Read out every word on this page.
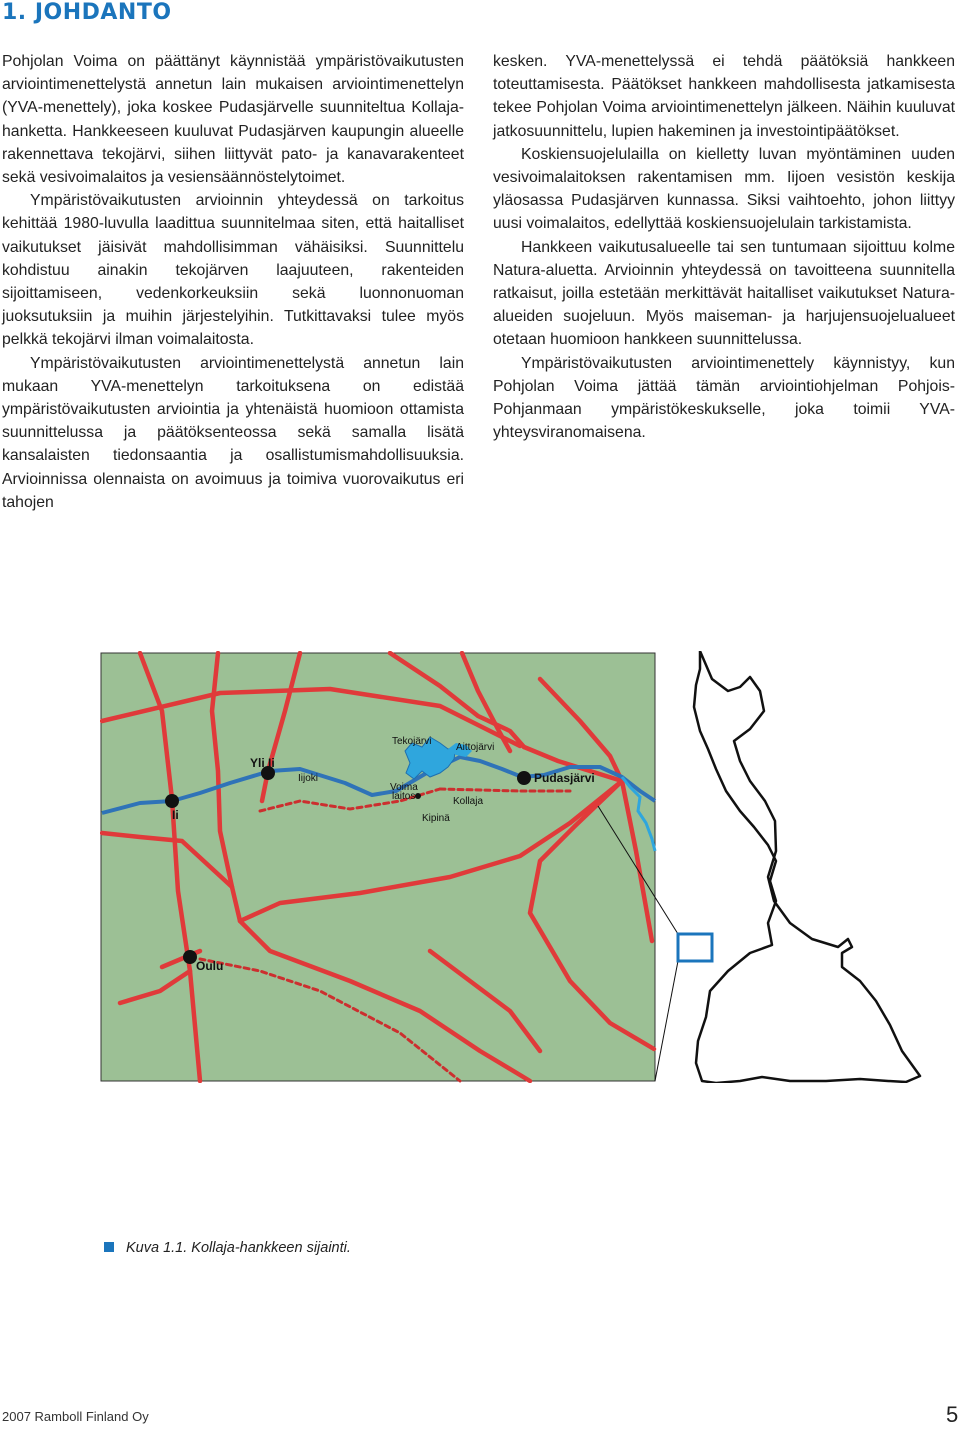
1. JOHDANTO

Pohjolan Voima on päättänyt käynnistää ympäristövaikutusten arviointimenettelystä annetun lain mukaisen arviointimenettelyn (YVA-menettely), joka koskee Pudasjärvelle suunniteltua Kollaja-hanketta. Hankkeeseen kuuluvat Pudasjärven kaupungin alueelle rakennettava tekojärvi, siihen liittyvät pato- ja kanavarakenteet sekä vesivoimalaitos ja vesiensäännöstelytoimet.

Ympäristövaikutusten arvioinnin yhteydessä on tarkoitus kehittää 1980-luvulla laadittua suunnitelmaa siten, että haitalliset vaikutukset jäisivät mahdollisimman vähäisiksi. Suunnittelu kohdistuu ainakin tekojärven laajuuteen, rakenteiden sijoittamiseen, vedenkorkeuksiin sekä luonnonuoman juoksutuksiin ja muihin järjestelyihin. Tutkittavaksi tulee myös pelkkä tekojärvi ilman voimalaitosta.

Ympäristövaikutusten arviointimenettelystä annetun lain mukaan YVA-menettelyn tarkoituksena on edistää ympäristövaikutusten arviointia ja yhtenäistä huomioon ottamista suunnittelussa ja päätöksenteossa sekä samalla lisätä kansalaisten tiedonsaantia ja osallistumismahdollisuuksia. Arvioinnissa olennaista on avoimuus ja toimiva vuorovaikutus eri tahojen

kesken. YVA-menettelyssä ei tehdä päätöksiä hankkeen toteuttamisesta. Päätökset hankkeen mahdollisesta jatkamisesta tekee Pohjolan Voima arviointimenettelyn jälkeen. Näihin kuuluvat jatkosuunnittelu, lupien hakeminen ja investointipäätökset.

Koskiensuojelulailla on kielletty luvan myöntäminen uuden vesivoimalaitoksen rakentamisen mm. Iijoen vesistön keskija yläosassa Pudasjärven kunnassa. Siksi vaihtoehto, johon liittyy uusi voimalaitos, edellyttää koskiensuojelulain tarkistamista.

Hankkeen vaikutusalueelle tai sen tuntumaan sijoittuu kolme Natura-aluetta. Arvioinnin yhteydessä on tavoitteena suunnitella ratkaisut, joilla estetään merkittävät haitalliset vaikutukset Natura-alueiden suojeluun. Myös maiseman- ja harjujensuojelualueet otetaan huomioon hankkeen suunnittelussa.

Ympäristövaikutusten arviointimenettely käynnistyy, kun Pohjolan Voima jättää tämän arviointiohjelman Pohjois-Pohjanmaan ympäristökeskukselle, joka toimii YVA-yhteysviranomaisena.

Yli Ii
Iijoki
Ii
Tekojärvi
Aittojärvi
Voima
laitos	Kollaja
Kipinä
Pudasjärvi
Oulu
Kuva 1.1. Kollaja-hankkeen sijainti.
2007 Ramboll Finland Oy	5
